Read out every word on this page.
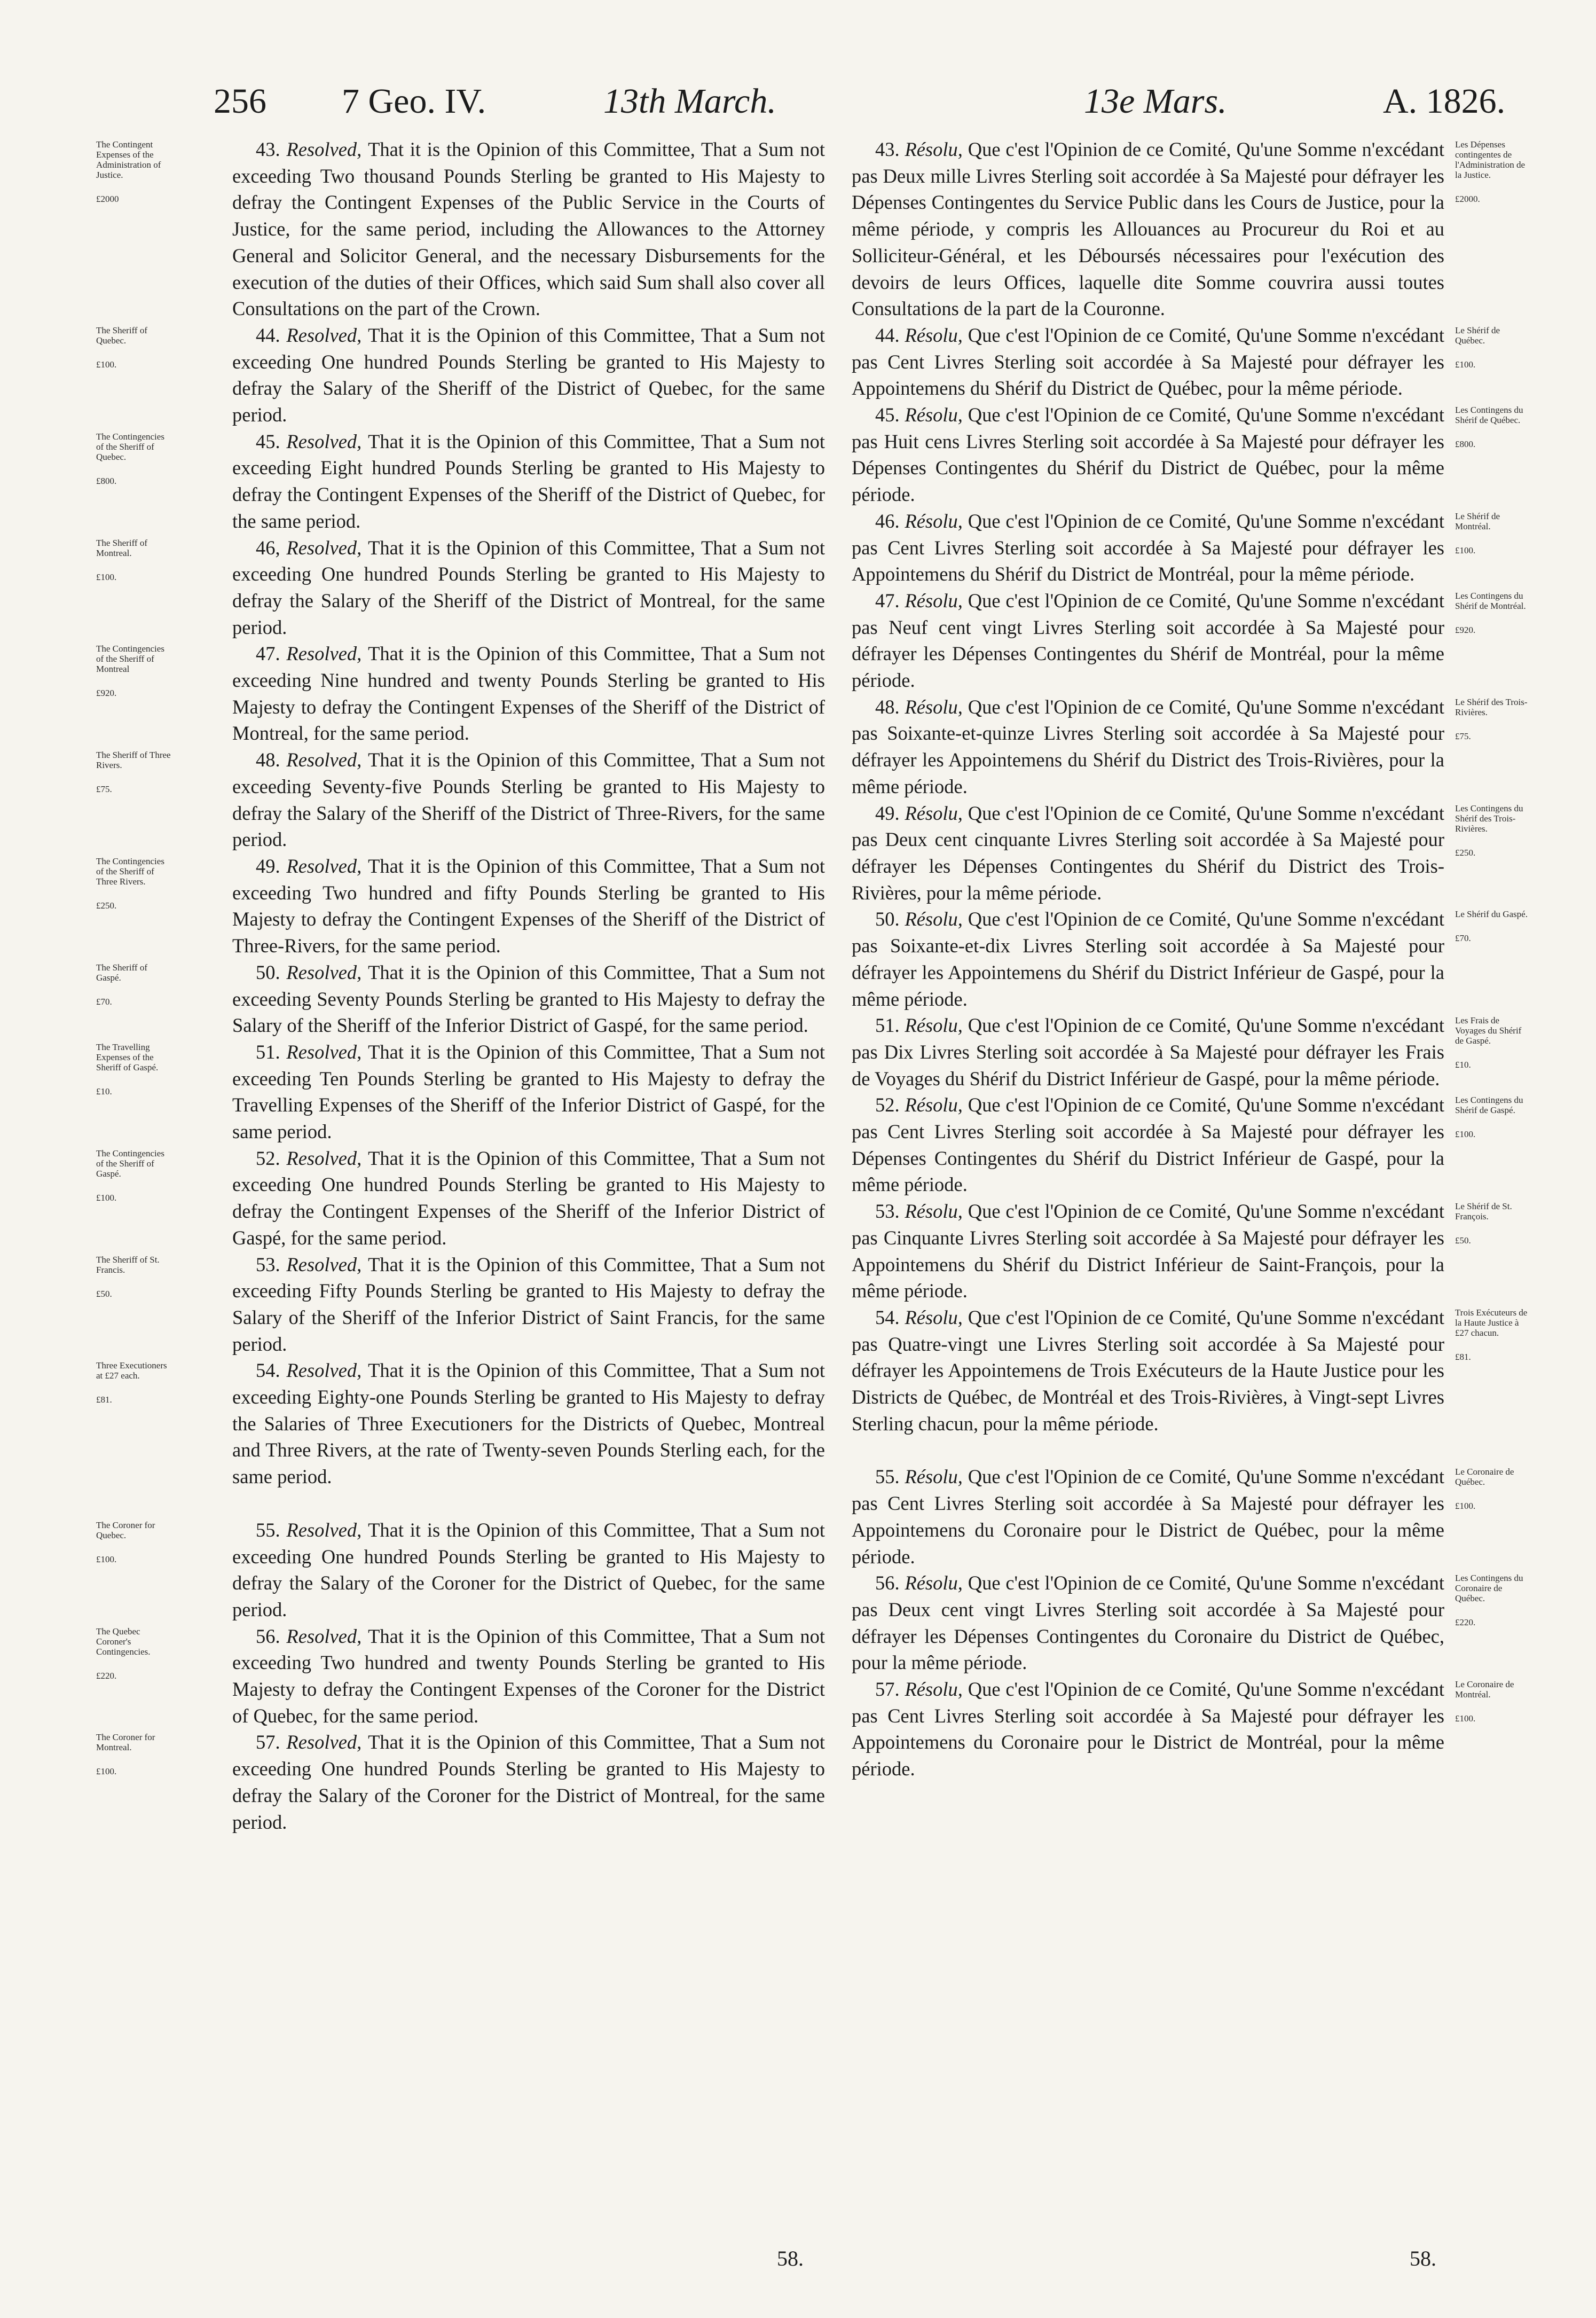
256 7 Geo. IV.	13th March.	13e Mars.	A. 1826.

43. Resolved, That it is the Opinion of this Committee, That a Sum not exceeding Two thousand Pounds Sterling be granted to His Majesty to defray the Contingent Expenses of the Public Service in the Courts of Justice, for the same period, including the Allowances to the Attorney General and Solicitor General, and the necessary Disbursements for the execution of the duties of their Offices, which said Sum shall also cover all Consultations on the part of the Crown.

44. Resolved, That it is the Opinion of this Committee, That a Sum not exceeding One hundred Pounds Sterling be granted to His Majesty to defray the Salary of the Sheriff of the District of Quebec, for the same period.

45. Resolved, That it is the Opinion of this Committee, That a Sum not exceeding Eight hundred Pounds Sterling be granted to His Majesty to defray the Contingent Expenses of the Sheriff of the District of Quebec, for the same period.

46, Resolved, That it is the Opinion of this Committee, That a Sum not exceeding One hundred Pounds Sterling be granted to His Majesty to defray the Salary of the Sheriff of the District of Montreal, for the same period.

47. Resolved, That it is the Opinion of this Committee, That a Sum not exceeding Nine hundred and twenty Pounds Sterling be granted to His Majesty to defray the Contingent Expenses of the Sheriff of the District of Montreal, for the same period.

48. Resolved, That it is the Opinion of this Committee, That a Sum not exceeding Seventy-five Pounds Sterling be granted to His Majesty to defray the Salary of the Sheriff of the District of Three-Rivers, for the same period.

49. Resolved, That it is the Opinion of this Committee, That a Sum not exceeding Two hundred and fifty Pounds Sterling be granted to His Majesty to defray the Contingent Expenses of the Sheriff of the District of Three-Rivers, for the same period.

50. Resolved, That it is the Opinion of this Committee, That a Sum not exceeding Seventy Pounds Sterling be granted to His Majesty to defray the Salary of the Sheriff of the Inferior District of Gaspé, for the same period.

51. Resolved, That it is the Opinion of this Committee, That a Sum not exceeding Ten Pounds Sterling be granted to His Majesty to defray the Travelling Expenses of the Sheriff of the Inferior District of Gaspé, for the same period.

52. Resolved, That it is the Opinion of this Committee, That a Sum not exceeding One hundred Pounds Sterling be granted to His Majesty to defray the Contingent Expenses of the Sheriff of the Inferior District of Gaspé, for the same period.

53. Resolved, That it is the Opinion of this Committee, That a Sum not exceeding Fifty Pounds Sterling be granted to His Majesty to defray the Salary of the Sheriff of the Inferior District of Saint Francis, for the same period.

54. Resolved, That it is the Opinion of this Committee, That a Sum not exceeding Eighty-one Pounds Sterling be granted to His Majesty to defray the Salaries of Three Executioners for the Districts of Quebec, Montreal and Three Rivers, at the rate of Twenty-seven Pounds Sterling each, for the same period.

55. Resolved, That it is the Opinion of this Committee, That a Sum not exceeding One hundred Pounds Sterling be granted to His Majesty to defray the Salary of the Coroner for the District of Quebec, for the same period.

56. Resolved, That it is the Opinion of this Committee, That a Sum not exceeding Two hundred and twenty Pounds Sterling be granted to His Majesty to defray the Contingent Expenses of the Coroner for the District of Quebec, for the same period.

57. Resolved, That it is the Opinion of this Committee, That a Sum not exceeding One hundred Pounds Sterling be granted to His Majesty to defray the Salary of the Coroner for the District of Montreal, for the same period.

43. Résolu, Que c'est l'Opinion de ce Comité, Qu'une Somme n'excédant pas Deux mille Livres Sterling soit accordée à Sa Majesté pour défrayer les Dépenses Contingentes du Service Public dans les Cours de Justice, pour la même période, y compris les Allouances au Procureur du Roi et au Solliciteur-Général, et les Déboursés nécessaires pour l'exécution des devoirs de leurs Offices, laquelle dite Somme couvrira aussi toutes Consultations de la part de la Couronne.

44. Résolu, Que c'est l'Opinion de ce Comité, Qu'une Somme n'excédant pas Cent Livres Sterling soit accordée à Sa Majesté pour défrayer les Appointemens du Shérif du District de Québec, pour la même période.

45. Résolu, Que c'est l'Opinion de ce Comité, Qu'une Somme n'excédant pas Huit cens Livres Sterling soit accordée à Sa Majesté pour défrayer les Dépenses Contingentes du Shérif du District de Québec, pour la même période.

46. Résolu, Que c'est l'Opinion de ce Comité, Qu'une Somme n'excédant pas Cent Livres Sterling soit accordée à Sa Majesté pour défrayer les Appointemens du Shérif du District de Montréal, pour la même période.

47. Résolu, Que c'est l'Opinion de ce Comité, Qu'une Somme n'excédant pas Neuf cent vingt Livres Sterling soit accordée à Sa Majesté pour défrayer les Dépenses Contingentes du Shérif de Montréal, pour la même période.

48. Résolu, Que c'est l'Opinion de ce Comité, Qu'une Somme n'excédant pas Soixante-et-quinze Livres Sterling soit accordée à Sa Majesté pour défrayer les Appointemens du Shérif du District des Trois-Rivières, pour la même période.

49. Résolu, Que c'est l'Opinion de ce Comité, Qu'une Somme n'excédant pas Deux cent cinquante Livres Sterling soit accordée à Sa Majesté pour défrayer les Dépenses Contingentes du Shérif du District des Trois-Rivières, pour la même période.

50. Résolu, Que c'est l'Opinion de ce Comité, Qu'une Somme n'excédant pas Soixante-et-dix Livres Sterling soit accordée à Sa Majesté pour défrayer les Appointemens du Shérif du District Inférieur de Gaspé, pour la même période.

51. Résolu, Que c'est l'Opinion de ce Comité, Qu'une Somme n'excédant pas Dix Livres Sterling soit accordée à Sa Majesté pour défrayer les Frais de Voyages du Shérif du District Inférieur de Gaspé, pour la même période.

52. Résolu, Que c'est l'Opinion de ce Comité, Qu'une Somme n'excédant pas Cent Livres Sterling soit accordée à Sa Majesté pour défrayer les Dépenses Contingentes du Shérif du District Inférieur de Gaspé, pour la même période.

53. Résolu, Que c'est l'Opinion de ce Comité, Qu'une Somme n'excédant pas Cinquante Livres Sterling soit accordée à Sa Majesté pour défrayer les Appointemens du Shérif du District Inférieur de Saint-François, pour la même période.

54. Résolu, Que c'est l'Opinion de ce Comité, Qu'une Somme n'excédant pas Quatre-vingt une Livres Sterling soit accordée à Sa Majesté pour défrayer les Appointemens de Trois Exécuteurs de la Haute Justice pour les Districts de Québec, de Montréal et des Trois-Rivières, à Vingt-sept Livres Sterling chacun, pour la même période.

55. Résolu, Que c'est l'Opinion de ce Comité, Qu'une Somme n'excédant pas Cent Livres Sterling soit accordée à Sa Majesté pour défrayer les Appointemens du Coronaire pour le District de Québec, pour la même période.

56. Résolu, Que c'est l'Opinion de ce Comité, Qu'une Somme n'excédant pas Deux cent vingt Livres Sterling soit accordée à Sa Majesté pour défrayer les Dépenses Contingentes du Coronaire du District de Québec, pour la même période.

57. Résolu, Que c'est l'Opinion de ce Comité, Qu'une Somme n'excédant pas Cent Livres Sterling soit accordée à Sa Majesté pour défrayer les Appointemens du Coronaire pour le District de Montréal, pour la même période.

The Contingent Expenses of the Administration of Justice.
£2000
The Sheriff of Quebec.
£100.
The Contingencies of the Sheriff of Quebec.
£800.
The Sheriff of Montreal.
£100.
The Contingencies of the Sheriff of Montreal
£920.
The Sheriff of Three Rivers.
£75.
The Contingencies of the Sheriff of Three Rivers.
£250.
The Sheriff of Gaspé.
£70.
The Travelling Expenses of the Sheriff of Gaspé.
£10.
The Contingencies of the Sheriff of Gaspé.
£100.
The Sheriff of St. Francis.
£50.
Three Executioners at £27 each.
£81.
The Coroner for Quebec.
£100.
The Quebec Coroner's Contingencies.
£220.
The Coroner for Montreal.
£100.
Les Dépenses contingentes de l'Administration de la Justice.
£2000.
Le Shérif de Québec.
£100.
Les Contingens du Shérif de Québec.
£800.
Le Shérif de Montréal.
£100.
Les Contingens du Shérif de Montréal.
£920.
Le Shérif des Trois-Rivières.
£75.
Les Contingens du Shérif des Trois-Rivières.
£250.
Le Shérif du Gaspé.
£70.
Les Frais de Voyages du Shérif de Gaspé.
£10.
Les Contingens du Shérif de Gaspé.
£100.
Le Shérif de St. François.
£50.
Trois Exécuteurs de la Haute Justice à £27 chacun.
£81.
Le Coronaire de Québec.
£100.
Les Contingens du Coronaire de Québec.
£220.
Le Coronaire de Montréal.
£100.
58.	58.
